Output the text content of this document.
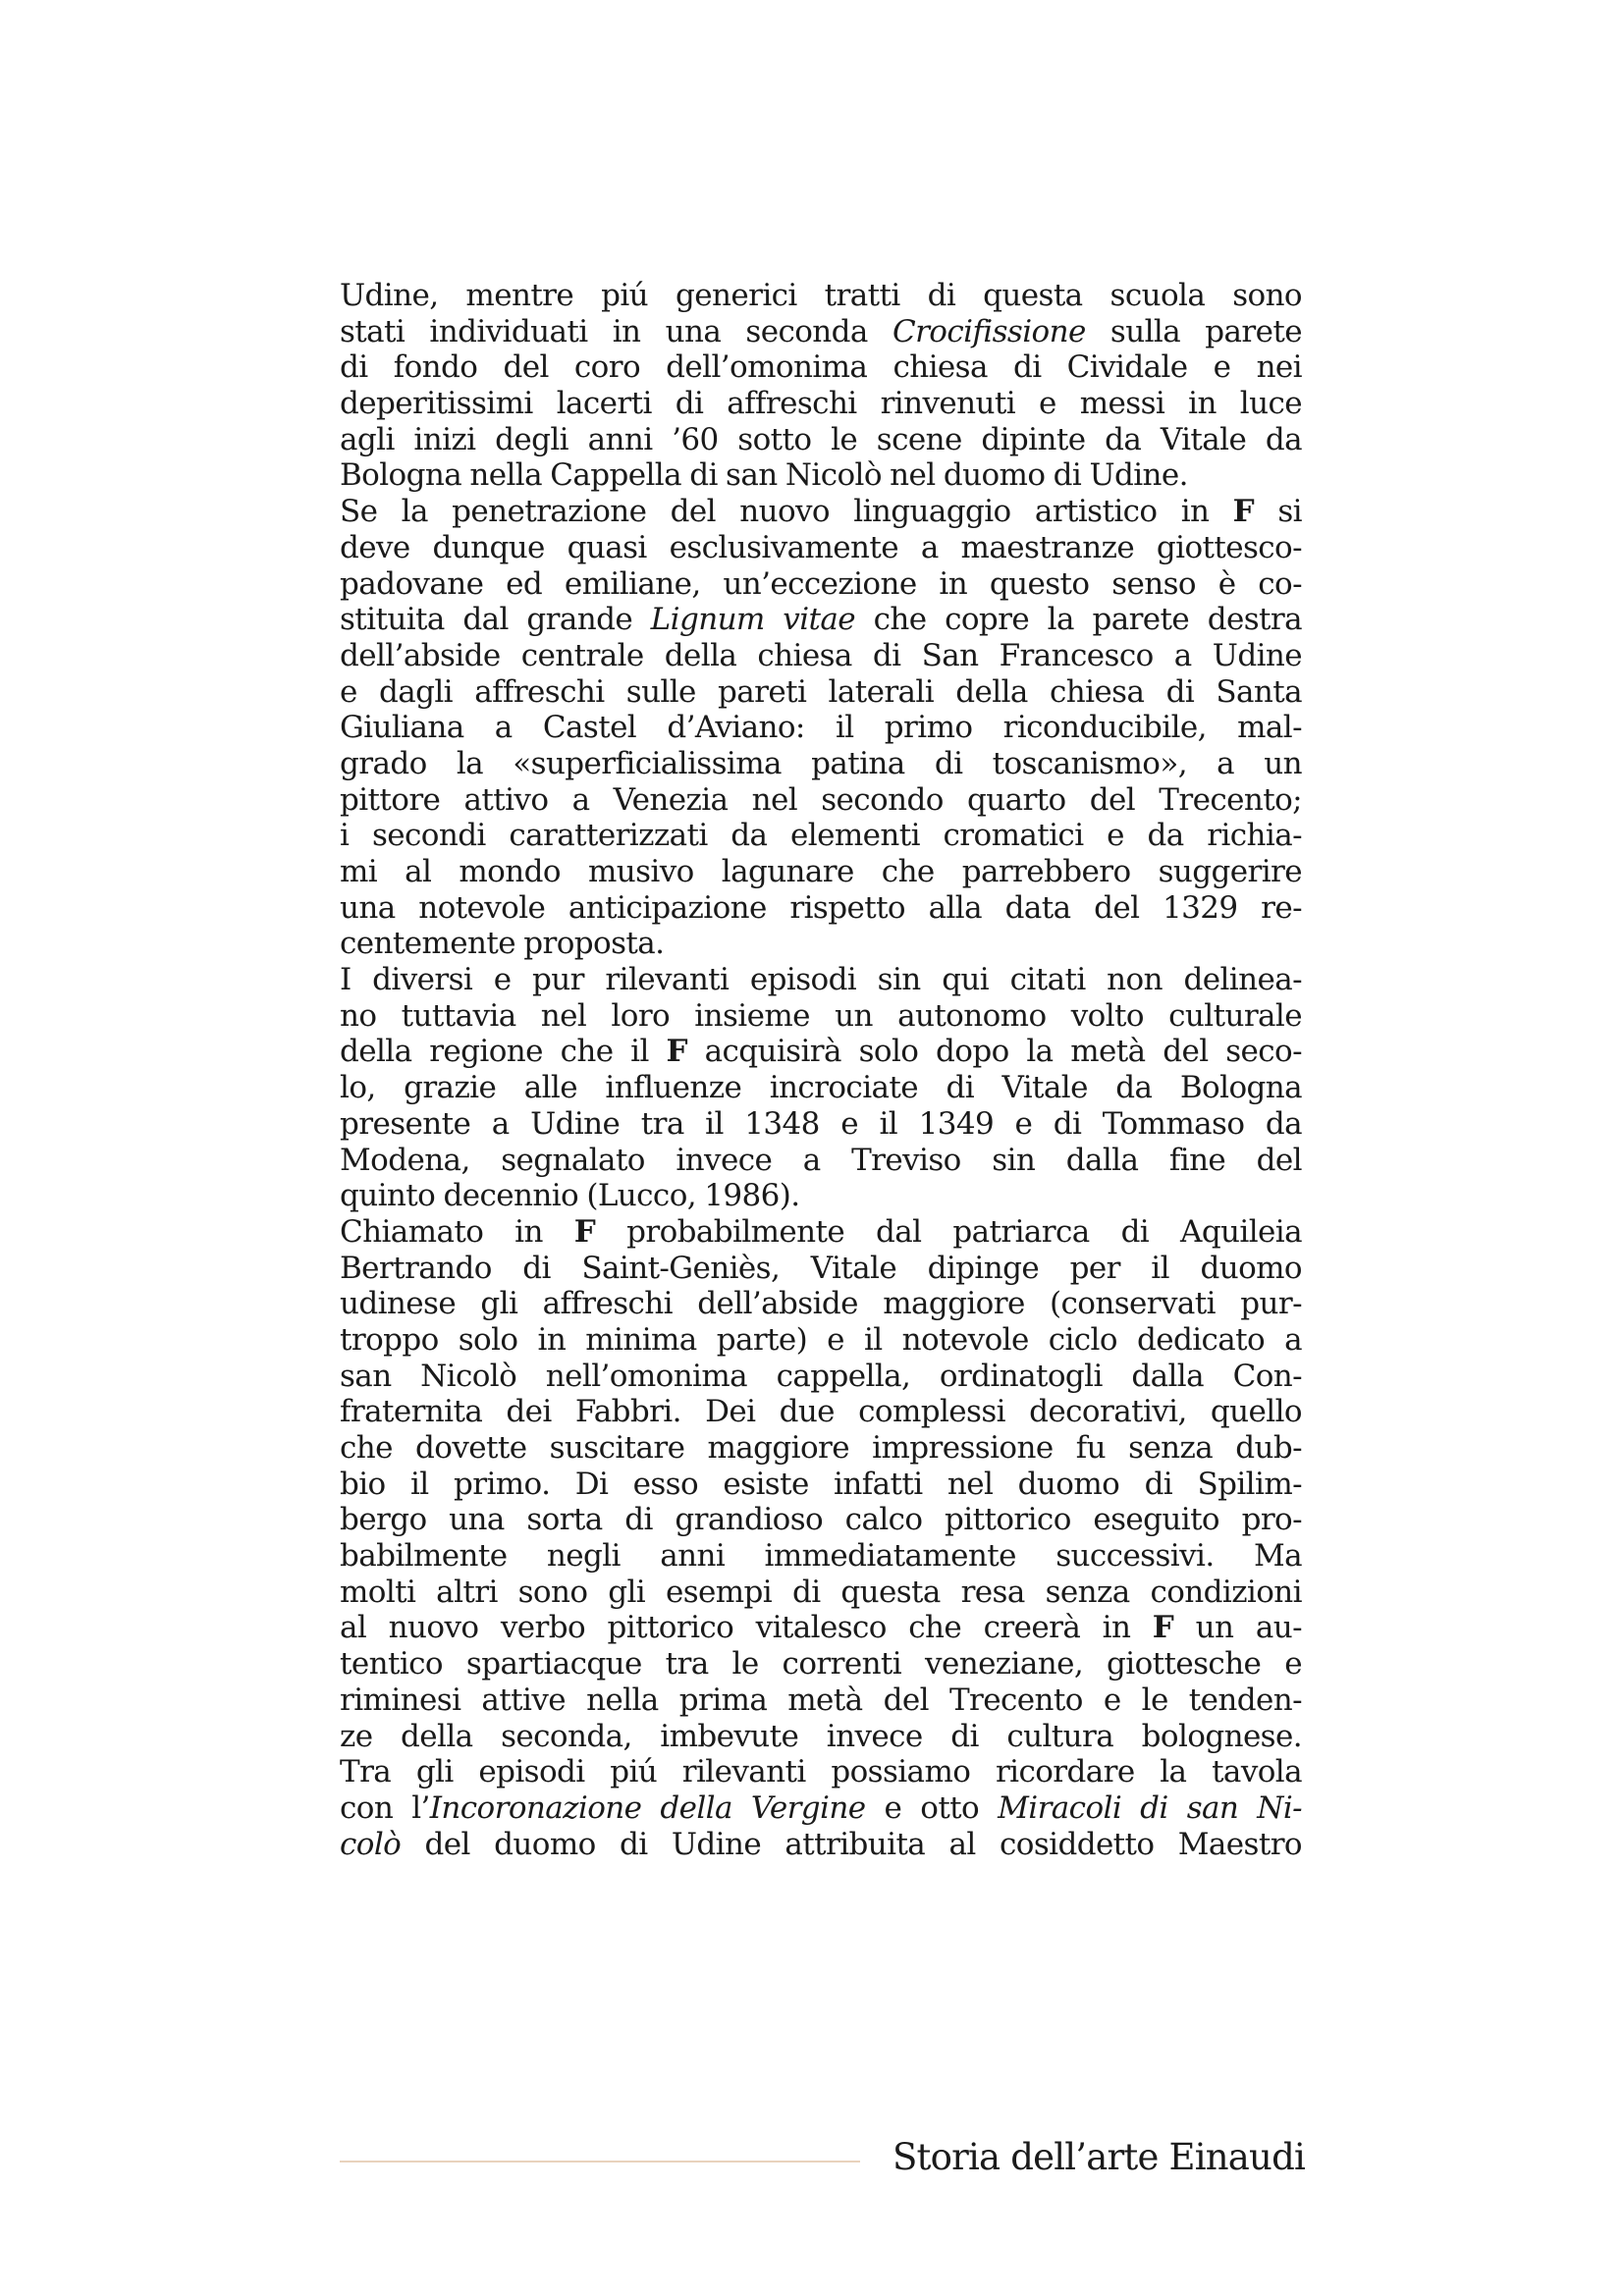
Udine, mentre piú generici tratti di questa scuola sono
stati individuati in una seconda Crocifissione sulla parete
di fondo del coro dell’omonima chiesa di Cividale e nei
deperitissimi lacerti di affreschi rinvenuti e messi in luce
agli inizi degli anni ’60 sotto le scene dipinte da Vitale da
Bologna nella Cappella di san Nicolò nel duomo di Udine.
Se la penetrazione del nuovo linguaggio artistico in F si
deve dunque quasi esclusivamente a maestranze giottesco-
padovane ed emiliane, un’eccezione in questo senso è co-
stituita dal grande Lignum vitae che copre la parete destra
dell’abside centrale della chiesa di San Francesco a Udine
e dagli affreschi sulle pareti laterali della chiesa di Santa
Giuliana a Castel d’Aviano: il primo riconducibile, mal-
grado la «superficialissima patina di toscanismo», a un
pittore attivo a Venezia nel secondo quarto del Trecento;
i secondi caratterizzati da elementi cromatici e da richia-
mi al mondo musivo lagunare che parrebbero suggerire
una notevole anticipazione rispetto alla data del 1329 re-
centemente proposta.
I diversi e pur rilevanti episodi sin qui citati non delinea-
no tuttavia nel loro insieme un autonomo volto culturale
della regione che il F acquisirà solo dopo la metà del seco-
lo, grazie alle influenze incrociate di Vitale da Bologna
presente a Udine tra il 1348 e il 1349 e di Tommaso da
Modena, segnalato invece a Treviso sin dalla fine del
quinto decennio (Lucco, 1986).
Chiamato in F probabilmente dal patriarca di Aquileia
Bertrando di Saint-Geniès, Vitale dipinge per il duomo
udinese gli affreschi dell’abside maggiore (conservati pur-
troppo solo in minima parte) e il notevole ciclo dedicato a
san Nicolò nell’omonima cappella, ordinatogli dalla Con-
fraternita dei Fabbri. Dei due complessi decorativi, quello
che dovette suscitare maggiore impressione fu senza dub-
bio il primo. Di esso esiste infatti nel duomo di Spilim-
bergo una sorta di grandioso calco pittorico eseguito pro-
babilmente negli anni immediatamente successivi. Ma
molti altri sono gli esempi di questa resa senza condizioni
al nuovo verbo pittorico vitalesco che creerà in F un au-
tentico spartiacque tra le correnti veneziane, giottesche e
riminesi attive nella prima metà del Trecento e le tenden-
ze della seconda, imbevute invece di cultura bolognese.
Tra gli episodi piú rilevanti possiamo ricordare la tavola
con l’Incoronazione della Vergine e otto Miracoli di san Ni-
colò del duomo di Udine attribuita al cosiddetto Maestro
Storia dell’arte Einaudi
